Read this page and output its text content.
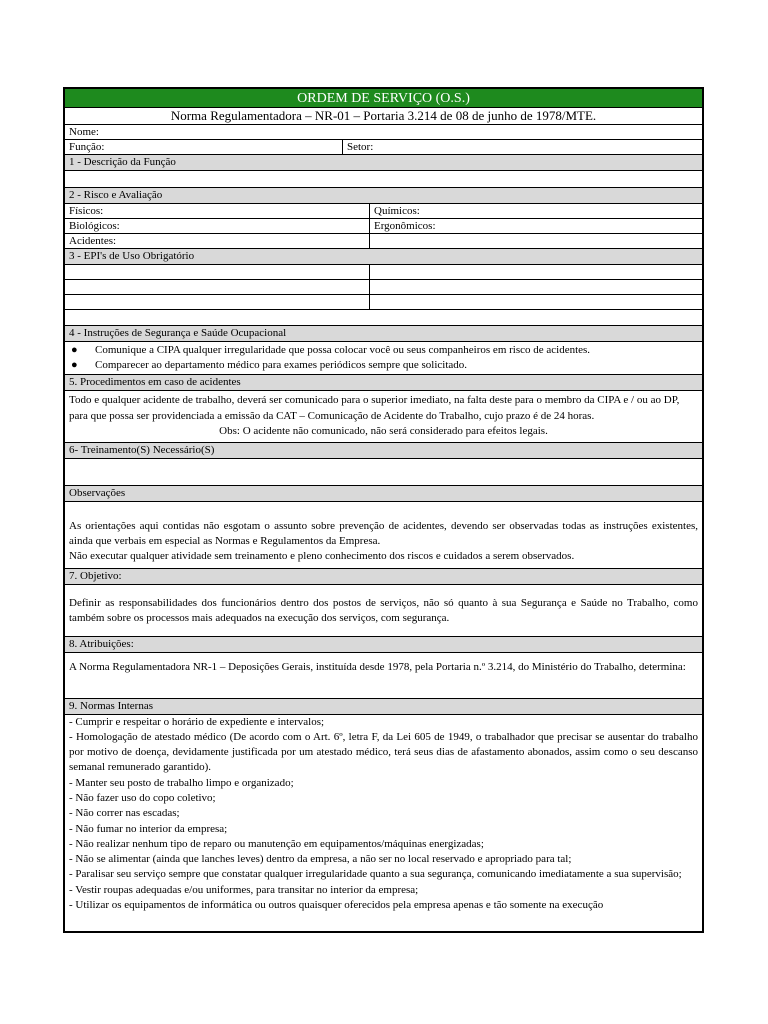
ORDEM DE SERVIÇO (O.S.)
Norma Regulamentadora – NR-01 – Portaria 3.214 de 08 de junho de 1978/MTE.
Nome:
Função:	Setor:
1 - Descrição da Função
2 - Risco e Avaliação
Físicos:	Químicos:
Biológicos:	Ergonômicos:
Acidentes:
3 - EPI's de Uso Obrigatório
4 - Instruções de Segurança e Saúde Ocupacional
●	Comunique a CIPA qualquer irregularidade que possa colocar você ou seus companheiros em risco de acidentes.
●	Comparecer ao departamento médico para exames periódicos sempre que solicitado.
5. Procedimentos em caso de acidentes
Todo e qualquer acidente de trabalho, deverá ser comunicado para o superior imediato, na falta deste para o membro da CIPA e / ou ao DP, para que possa ser providenciada a emissão da CAT – Comunicação de Acidente do Trabalho, cujo prazo é de 24 horas.
Obs: O acidente não comunicado, não será considerado para efeitos legais.
6- Treinamento(S) Necessário(S)
Observações
As orientações aqui contidas não esgotam o assunto sobre prevenção de acidentes, devendo ser observadas todas as instruções existentes, ainda que verbais em especial as Normas e Regulamentos da Empresa.
Não executar qualquer atividade sem treinamento e pleno conhecimento dos riscos e cuidados a serem observados.
7. Objetivo:
Definir as responsabilidades dos funcionários dentro dos postos de serviços, não só quanto à sua Segurança e Saúde no Trabalho, como também sobre os processos mais adequados na execução dos serviços, com segurança.
8. Atribuições:
A Norma Regulamentadora NR-1 – Deposições Gerais, instituída desde 1978, pela Portaria n.º 3.214, do Ministério do Trabalho, determina:
9. Normas Internas
- Cumprir e respeitar o horário de expediente e intervalos;
- Homologação de atestado médico (De acordo com o Art. 6º, letra F, da Lei 605 de 1949, o trabalhador que precisar se ausentar do trabalho por motivo de doença, devidamente justificada por um atestado médico, terá seus dias de afastamento abonados, assim como o seu descanso semanal remunerado garantido).
- Manter seu posto de trabalho limpo e organizado;
- Não fazer uso do copo coletivo;
- Não correr nas escadas;
- Não fumar no interior da empresa;
- Não realizar nenhum tipo de reparo ou manutenção em equipamentos/máquinas energizadas;
- Não se alimentar (ainda que lanches leves) dentro da empresa, a não ser no local reservado e apropriado para tal;
- Paralisar seu serviço sempre que constatar qualquer irregularidade quanto a sua segurança, comunicando imediatamente a sua supervisão;
- Vestir roupas adequadas e/ou uniformes, para transitar no interior da empresa;
- Utilizar os equipamentos de informática ou outros quaisquer oferecidos pela empresa apenas e tão somente na execução
